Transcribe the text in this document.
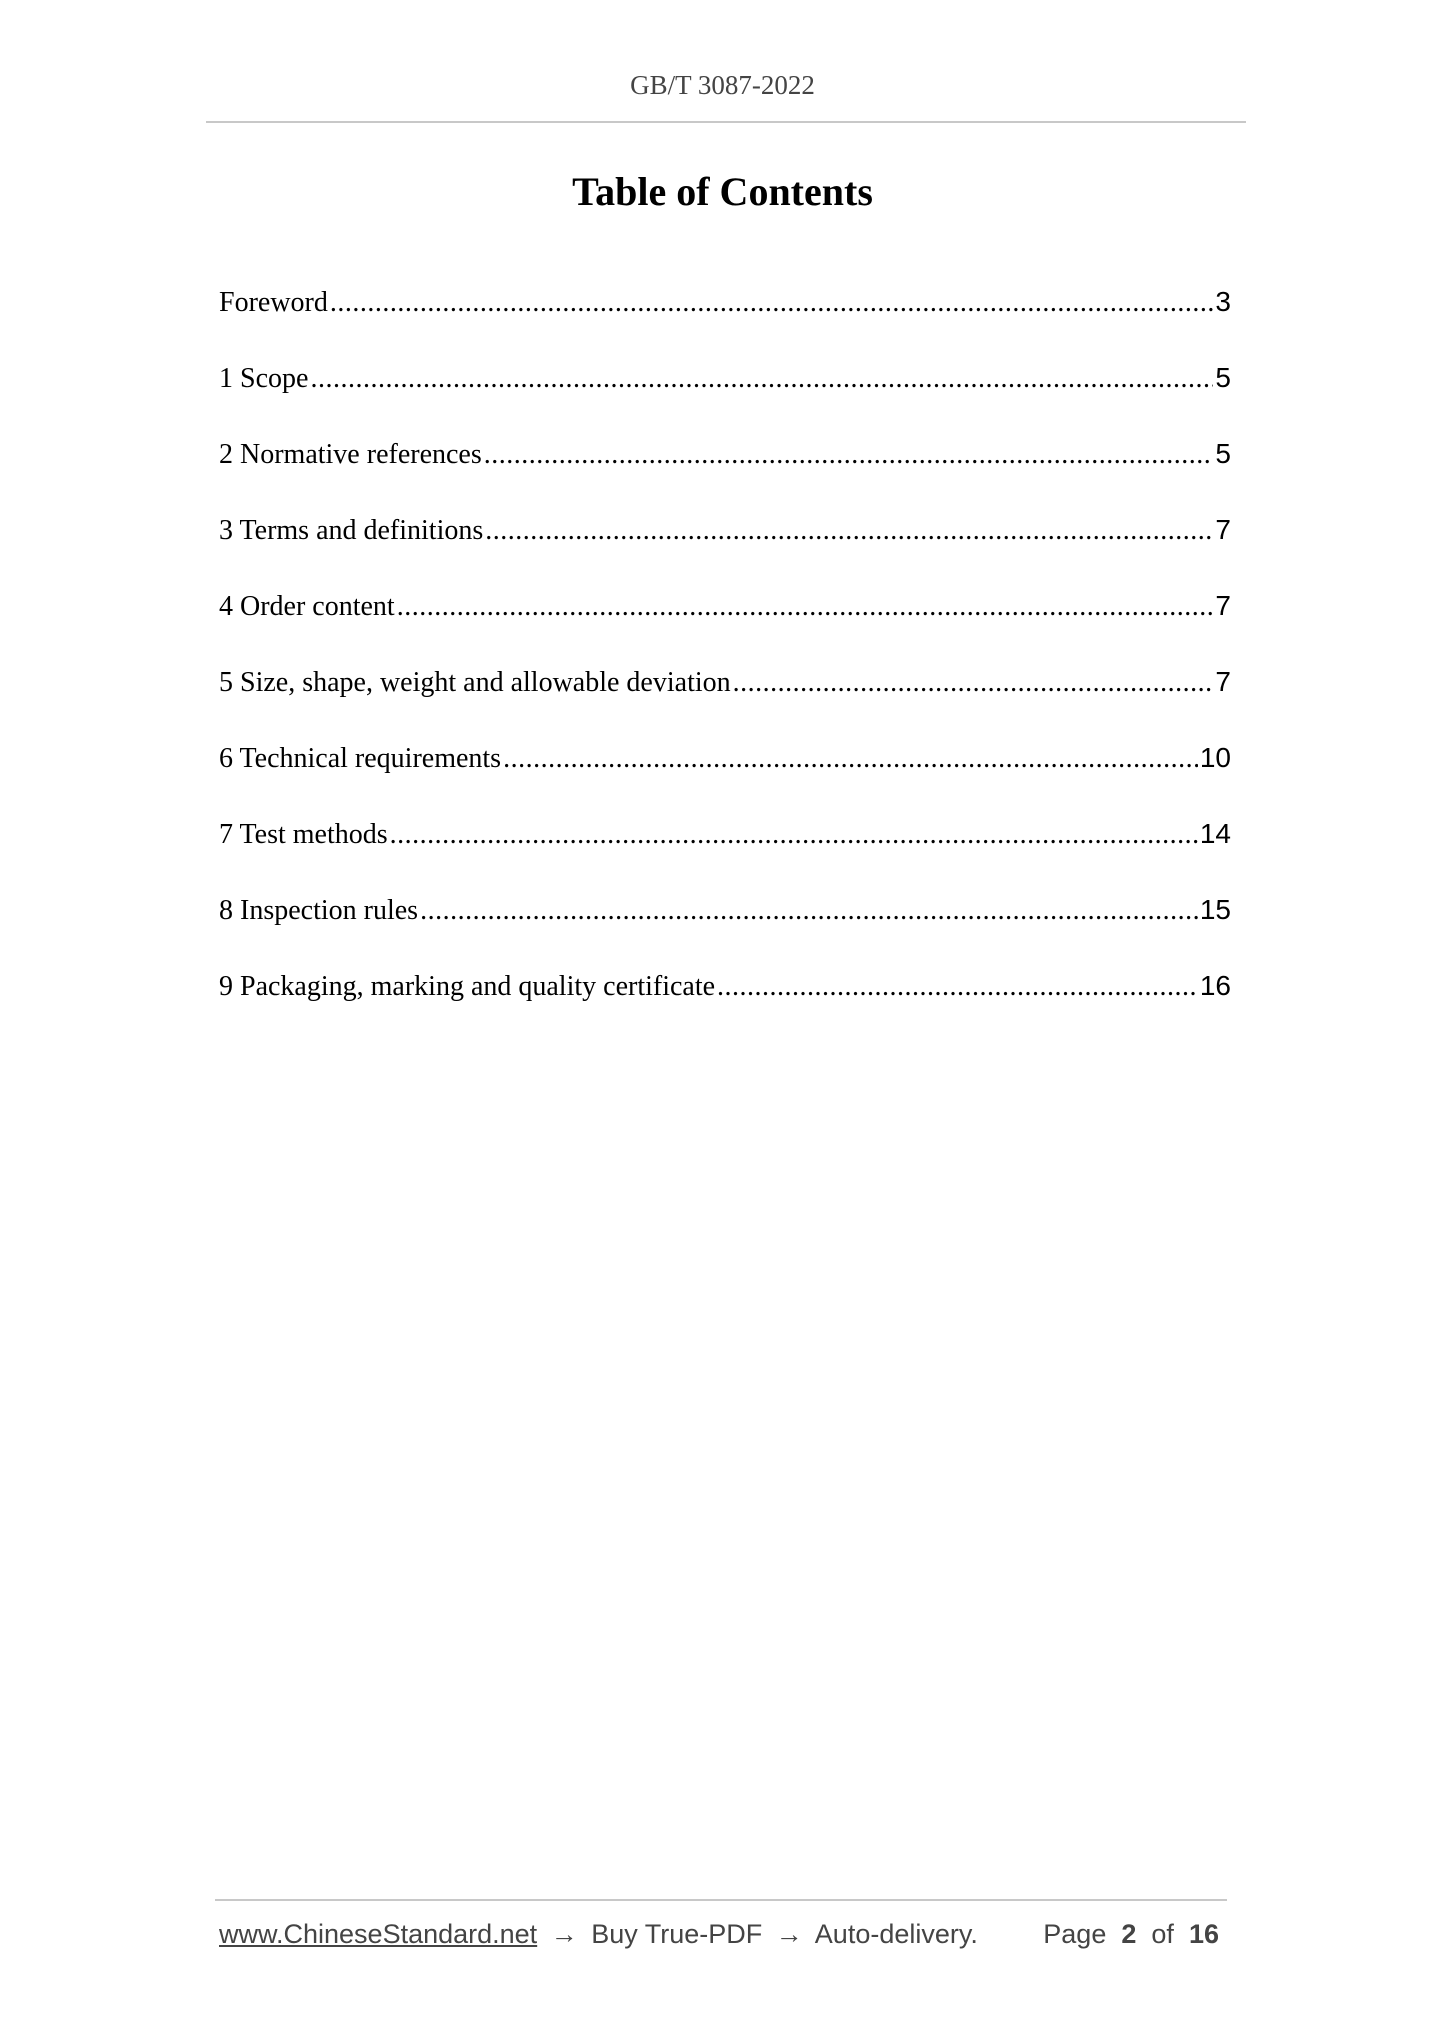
GB/T 3087-2022
Table of Contents
Foreword .....	3
1 Scope .....	5
2 Normative references .....	5
3 Terms and definitions .....	7
4 Order content .....	7
5 Size, shape, weight and allowable deviation .....	7
6 Technical requirements .....	10
7 Test methods .....	14
8 Inspection rules .....	15
9 Packaging, marking and quality certificate .....	16
www.ChineseStandard.net → Buy True-PDF → Auto-delivery. Page 2 of 16
